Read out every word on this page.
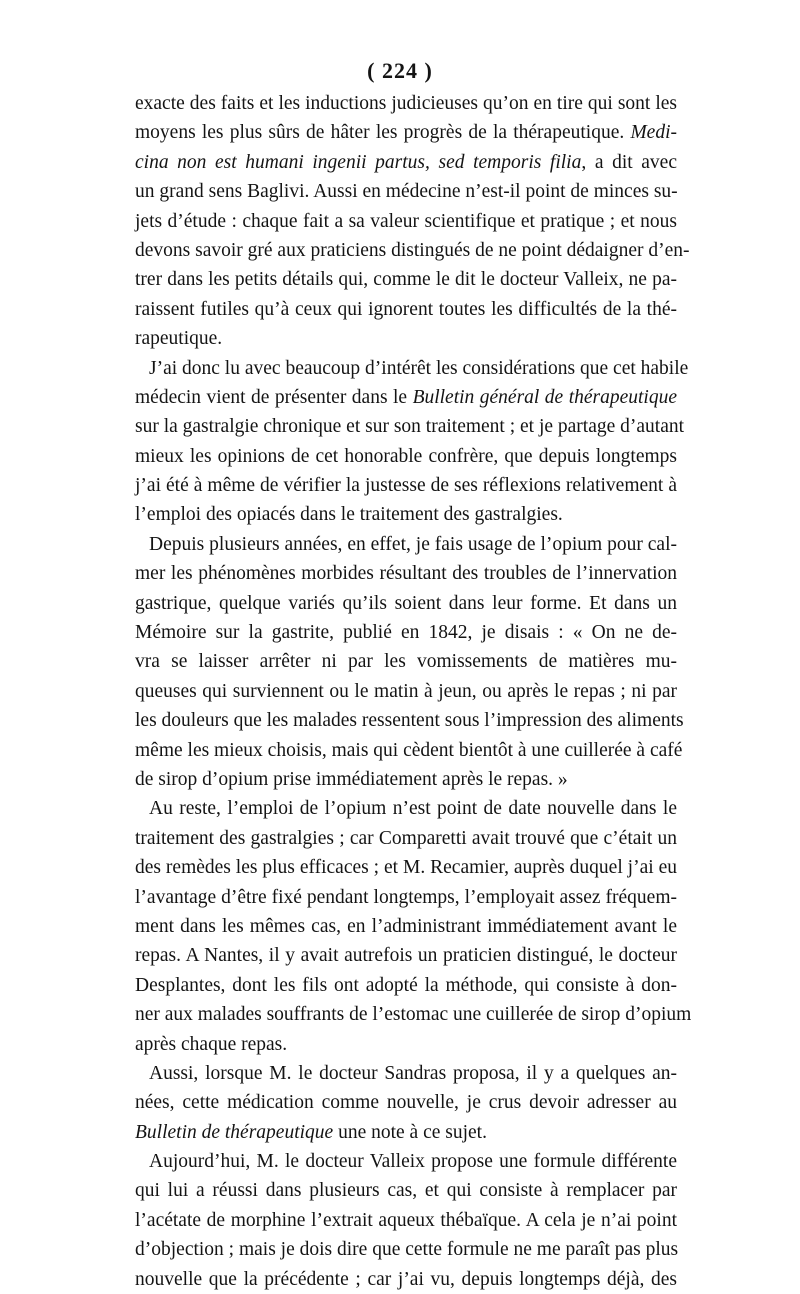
( 224 )
exacte des faits et les inductions judicieuses qu’on en tire qui sont les
moyens les plus sûrs de hâter les progrès de la thérapeutique. Medi-
cina non est humani ingenii partus, sed temporis filia, a dit avec
un grand sens Baglivi. Aussi en médecine n’est-il point de minces su-
jets d’étude : chaque fait a sa valeur scientifique et pratique ; et nous
devons savoir gré aux praticiens distingués de ne point dédaigner d’en-
trer dans les petits détails qui, comme le dit le docteur Valleix, ne pa-
raissent futiles qu’à ceux qui ignorent toutes les difficultés de la thé-
rapeutique.
J’ai donc lu avec beaucoup d’intérêt les considérations que cet habile
médecin vient de présenter dans le Bulletin général de thérapeutique
sur la gastralgie chronique et sur son traitement ; et je partage d’autant
mieux les opinions de cet honorable confrère, que depuis longtemps
j’ai été à même de vérifier la justesse de ses réflexions relativement à
l’emploi des opiacés dans le traitement des gastralgies.
Depuis plusieurs années, en effet, je fais usage de l’opium pour cal-
mer les phénomènes morbides résultant des troubles de l’innervation
gastrique, quelque variés qu’ils soient dans leur forme. Et dans un
Mémoire sur la gastrite, publié en 1842, je disais : « On ne de-
vra se laisser arrêter ni par les vomissements de matières mu-
queuses qui surviennent ou le matin à jeun, ou après le repas ; ni par
les douleurs que les malades ressentent sous l’impression des aliments
même les mieux choisis, mais qui cèdent bientôt à une cuillerée à café
de sirop d’opium prise immédiatement après le repas. »
Au reste, l’emploi de l’opium n’est point de date nouvelle dans le
traitement des gastralgies ; car Comparetti avait trouvé que c’était un
des remèdes les plus efficaces ; et M. Recamier, auprès duquel j’ai eu
l’avantage d’être fixé pendant longtemps, l’employait assez fréquem-
ment dans les mêmes cas, en l’administrant immédiatement avant le
repas. A Nantes, il y avait autrefois un praticien distingué, le docteur
Desplantes, dont les fils ont adopté la méthode, qui consiste à don-
ner aux malades souffrants de l’estomac une cuillerée de sirop d’opium
après chaque repas.
Aussi, lorsque M. le docteur Sandras proposa, il y a quelques an-
nées, cette médication comme nouvelle, je crus devoir adresser au
Bulletin de thérapeutique une note à ce sujet.
Aujourd’hui, M. le docteur Valleix propose une formule différente
qui lui a réussi dans plusieurs cas, et qui consiste à remplacer par
l’acétate de morphine l’extrait aqueux thébaïque. A cela je n’ai point
d’objection ; mais je dois dire que cette formule ne me paraît pas plus
nouvelle que la précédente ; car j’ai vu, depuis longtemps déjà, des
